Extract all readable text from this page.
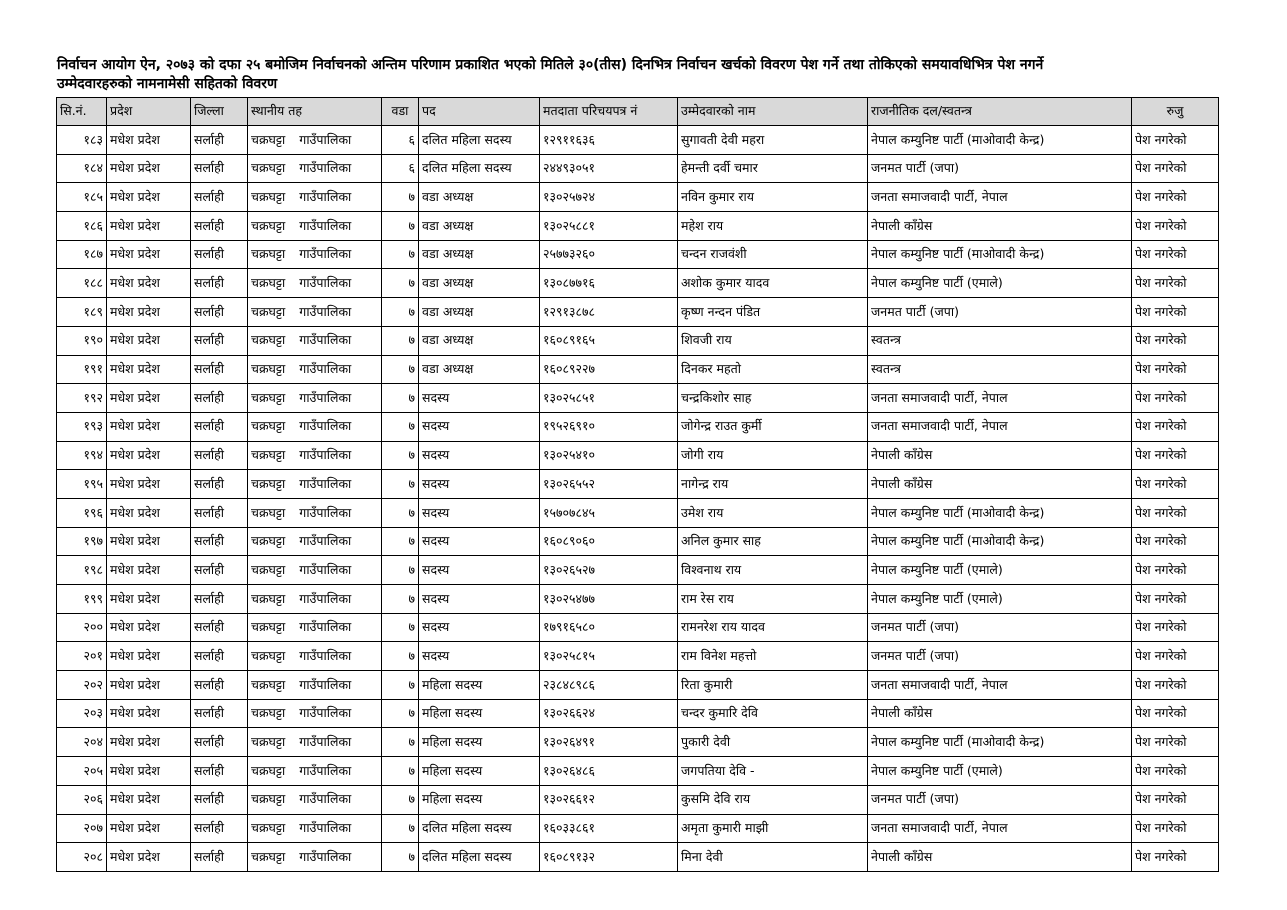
निर्वाचन आयोग ऐन, २०७३ को दफा २५ बमोजिम निर्वाचनको अन्तिम परिणाम प्रकाशित भएको मितिले ३०(तीस) दिनभित्र निर्वाचन खर्चको विवरण पेश गर्ने तथा तोकिएको समयावधिभित्र पेश नगर्ने
उम्मेदवारहरुको नामनामेसी सहितको विवरण
सि.नं.	प्रदेश	जिल्ला	स्थानीय तह	वडा	पद	मतदाता परिचयपत्र नं	उम्मेदवारको नाम	राजनीतिक दल/स्वतन्त्र	रुजु
१८३	मधेश प्रदेश	सर्लाही	चक्रघट्टा गाउँपालिका	६	दलित महिला सदस्य	१२९११६३६	सुगावती देवी महरा	नेपाल कम्युनिष्ट पार्टी (माओवादी केन्द्र)	पेश नगरेको
१८४	मधेश प्रदेश	सर्लाही	चक्रघट्टा गाउँपालिका	६	दलित महिला सदस्य	२४४९३०५१	हेमन्ती दर्वी चमार	जनमत पार्टी (जपा)	पेश नगरेको
१८५	मधेश प्रदेश	सर्लाही	चक्रघट्टा गाउँपालिका	७	वडा अध्यक्ष	१३०२५७२४	नविन कुमार राय	जनता समाजवादी पार्टी, नेपाल	पेश नगरेको
१८६	मधेश प्रदेश	सर्लाही	चक्रघट्टा गाउँपालिका	७	वडा अध्यक्ष	१३०२५८८१	महेश राय	नेपाली काँग्रेस	पेश नगरेको
१८७	मधेश प्रदेश	सर्लाही	चक्रघट्टा गाउँपालिका	७	वडा अध्यक्ष	२५७७३२६०	चन्दन राजवंशी	नेपाल कम्युनिष्ट पार्टी (माओवादी केन्द्र)	पेश नगरेको
१८८	मधेश प्रदेश	सर्लाही	चक्रघट्टा गाउँपालिका	७	वडा अध्यक्ष	१३०८७७१६	अशोक कुमार यादव	नेपाल कम्युनिष्ट पार्टी (एमाले)	पेश नगरेको
१८९	मधेश प्रदेश	सर्लाही	चक्रघट्टा गाउँपालिका	७	वडा अध्यक्ष	१२९१३८७८	कृष्ण नन्दन पंडित	जनमत पार्टी (जपा)	पेश नगरेको
१९०	मधेश प्रदेश	सर्लाही	चक्रघट्टा गाउँपालिका	७	वडा अध्यक्ष	१६०८९१६५	शिवजी राय	स्वतन्त्र	पेश नगरेको
१९१	मधेश प्रदेश	सर्लाही	चक्रघट्टा गाउँपालिका	७	वडा अध्यक्ष	१६०८९२२७	दिनकर महतो	स्वतन्त्र	पेश नगरेको
१९२	मधेश प्रदेश	सर्लाही	चक्रघट्टा गाउँपालिका	७	सदस्य	१३०२५८५१	चन्द्रकिशोर साह	जनता समाजवादी पार्टी, नेपाल	पेश नगरेको
१९३	मधेश प्रदेश	सर्लाही	चक्रघट्टा गाउँपालिका	७	सदस्य	१९५२६९१०	जोगेन्द्र राउत कुर्मी	जनता समाजवादी पार्टी, नेपाल	पेश नगरेको
१९४	मधेश प्रदेश	सर्लाही	चक्रघट्टा गाउँपालिका	७	सदस्य	१३०२५४१०	जोगी राय	नेपाली काँग्रेस	पेश नगरेको
१९५	मधेश प्रदेश	सर्लाही	चक्रघट्टा गाउँपालिका	७	सदस्य	१३०२६५५२	नागेन्द्र राय	नेपाली काँग्रेस	पेश नगरेको
१९६	मधेश प्रदेश	सर्लाही	चक्रघट्टा गाउँपालिका	७	सदस्य	१५७०७८४५	उमेश राय	नेपाल कम्युनिष्ट पार्टी (माओवादी केन्द्र)	पेश नगरेको
१९७	मधेश प्रदेश	सर्लाही	चक्रघट्टा गाउँपालिका	७	सदस्य	१६०८९०६०	अनिल कुमार साह	नेपाल कम्युनिष्ट पार्टी (माओवादी केन्द्र)	पेश नगरेको
१९८	मधेश प्रदेश	सर्लाही	चक्रघट्टा गाउँपालिका	७	सदस्य	१३०२६५२७	विश्वनाथ राय	नेपाल कम्युनिष्ट पार्टी (एमाले)	पेश नगरेको
१९९	मधेश प्रदेश	सर्लाही	चक्रघट्टा गाउँपालिका	७	सदस्य	१३०२५४७७	राम रेस राय	नेपाल कम्युनिष्ट पार्टी (एमाले)	पेश नगरेको
२००	मधेश प्रदेश	सर्लाही	चक्रघट्टा गाउँपालिका	७	सदस्य	१७९१६५८०	रामनरेश राय यादव	जनमत पार्टी (जपा)	पेश नगरेको
२०१	मधेश प्रदेश	सर्लाही	चक्रघट्टा गाउँपालिका	७	सदस्य	१३०२५८१५	राम विनेश महत्तो	जनमत पार्टी (जपा)	पेश नगरेको
२०२	मधेश प्रदेश	सर्लाही	चक्रघट्टा गाउँपालिका	७	महिला सदस्य	२३८४८९८६	रिता कुमारी	जनता समाजवादी पार्टी, नेपाल	पेश नगरेको
२०३	मधेश प्रदेश	सर्लाही	चक्रघट्टा गाउँपालिका	७	महिला सदस्य	१३०२६६२४	चन्दर कुमारि देवि	नेपाली काँग्रेस	पेश नगरेको
२०४	मधेश प्रदेश	सर्लाही	चक्रघट्टा गाउँपालिका	७	महिला सदस्य	१३०२६४९१	पुकारी देवी	नेपाल कम्युनिष्ट पार्टी (माओवादी केन्द्र)	पेश नगरेको
२०५	मधेश प्रदेश	सर्लाही	चक्रघट्टा गाउँपालिका	७	महिला सदस्य	१३०२६४८६	जगपतिया देवि -	नेपाल कम्युनिष्ट पार्टी (एमाले)	पेश नगरेको
२०६	मधेश प्रदेश	सर्लाही	चक्रघट्टा गाउँपालिका	७	महिला सदस्य	१३०२६६१२	कुसमि देवि राय	जनमत पार्टी (जपा)	पेश नगरेको
२०७	मधेश प्रदेश	सर्लाही	चक्रघट्टा गाउँपालिका	७	दलित महिला सदस्य	१६०३३८६१	अमृता कुमारी माझी	जनता समाजवादी पार्टी, नेपाल	पेश नगरेको
२०८	मधेश प्रदेश	सर्लाही	चक्रघट्टा गाउँपालिका	७	दलित महिला सदस्य	१६०८९१३२	मिना देवी	नेपाली काँग्रेस	पेश नगरेको
